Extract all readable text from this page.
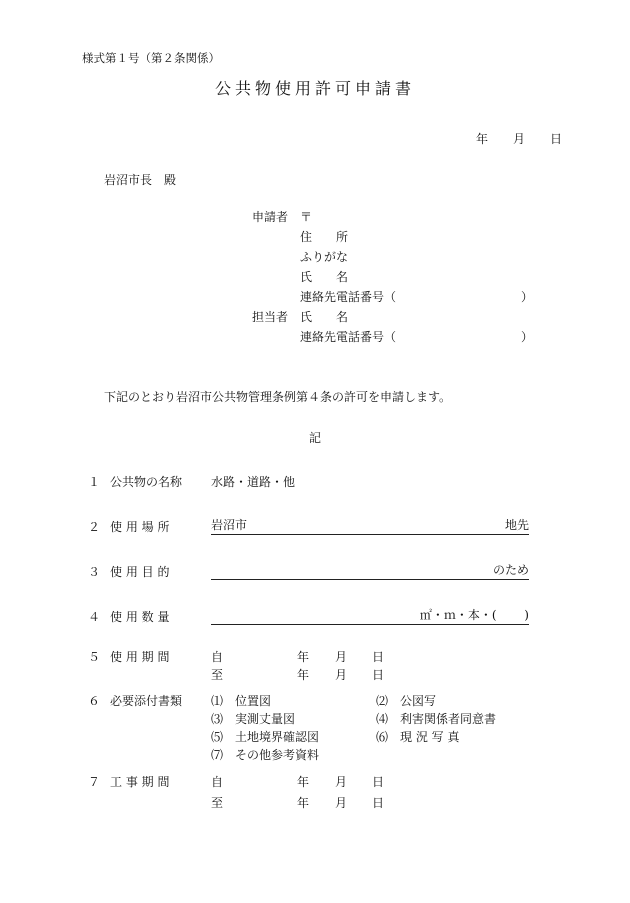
様式第１号（第２条関係）
公共物使用許可申請書
年 月 日
岩沼市長　殿
申請者 〒
住　　所
ふりがな
氏　　名
連絡先電話番号（	）
担当者 氏　　名
連絡先電話番号（	）
下記のとおり岩沼市公共物管理条例第４条の許可を申請します。
記
１ 公共物の名称 水路・道路・他
２ 使 用 場 所	岩沼市	地先
３ 使 用 目 的	のため
４ 使 用 数 量	㎡・ｍ・本・(　 　)
５ 使 用 期 間	自	年 月 日
至	年 月 日
６ 必要添付書類 ⑴　位置図	⑵　公図写
⑶　実測丈量図	⑷　利害関係者同意書
⑸　土地境界確認図	⑹　現 況 写 真
⑺　その他参考資料
７ 工 事 期 間	自	年 月 日
至	年 月 日
